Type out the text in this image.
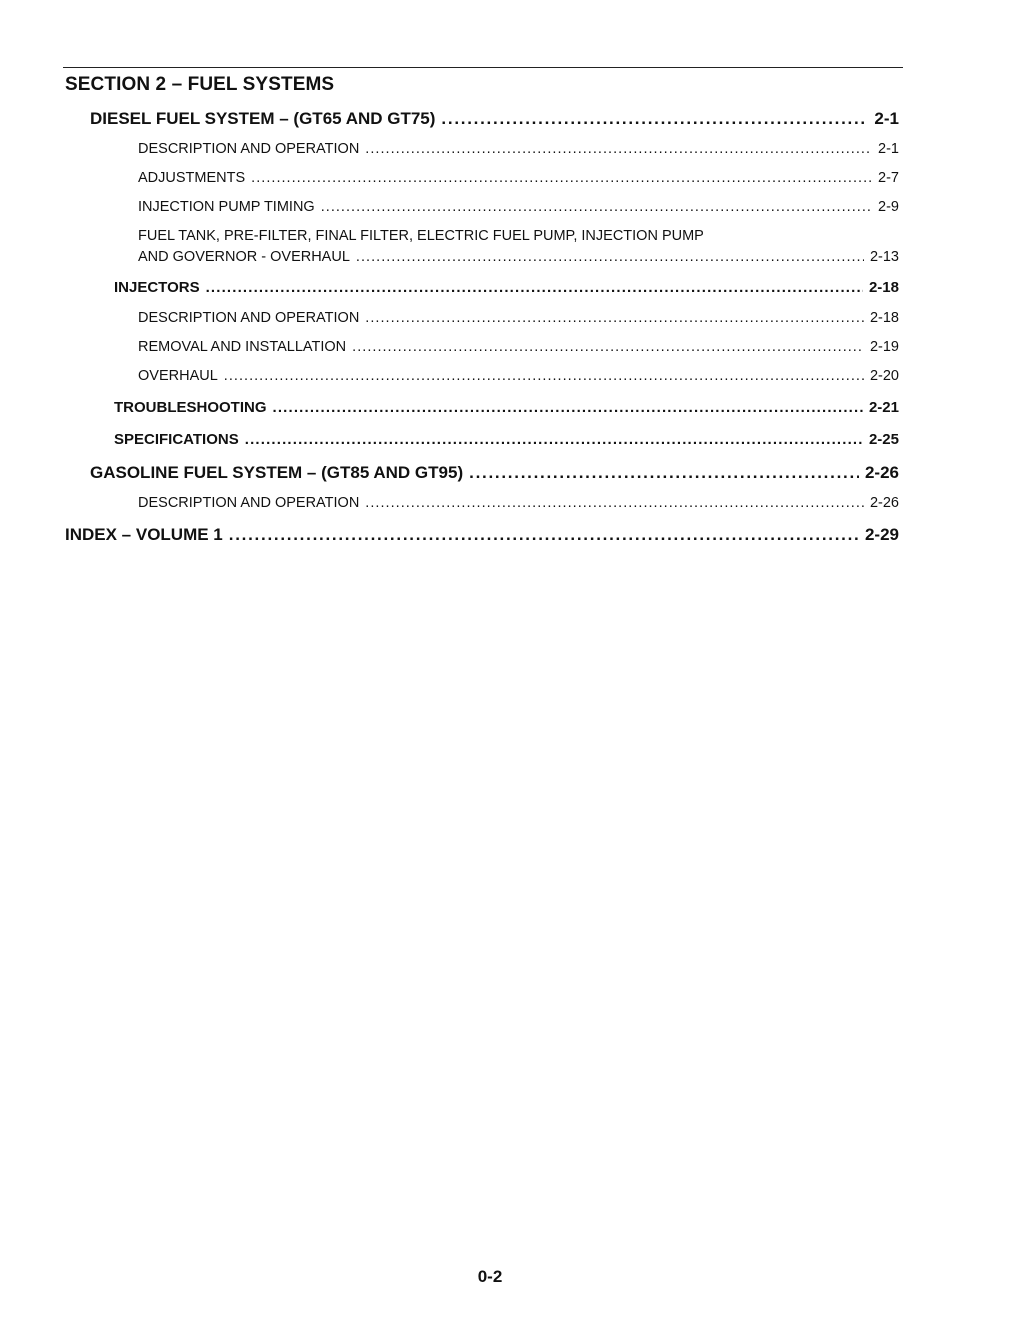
SECTION 2 – FUEL SYSTEMS
DIESEL FUEL SYSTEM – (GT65 AND GT75) . . .	2-1
DESCRIPTION AND OPERATION . . .	2-1
ADJUSTMENTS . . .	2-7
INJECTION PUMP TIMING . . .	2-9
FUEL TANK, PRE-FILTER, FINAL FILTER, ELECTRIC FUEL PUMP, INJECTION PUMP
AND GOVERNOR - OVERHAUL . . .	2-13
INJECTORS . . .	2-18
DESCRIPTION AND OPERATION . . .	2-18
REMOVAL AND INSTALLATION . . .	2-19
OVERHAUL . . .	2-20
TROUBLESHOOTING . . .	2-21
SPECIFICATIONS . . .	2-25
GASOLINE FUEL SYSTEM – (GT85 AND GT95) . . .	2-26
DESCRIPTION AND OPERATION . . .	2-26
INDEX – VOLUME 1 . . .	2-29
0-2
